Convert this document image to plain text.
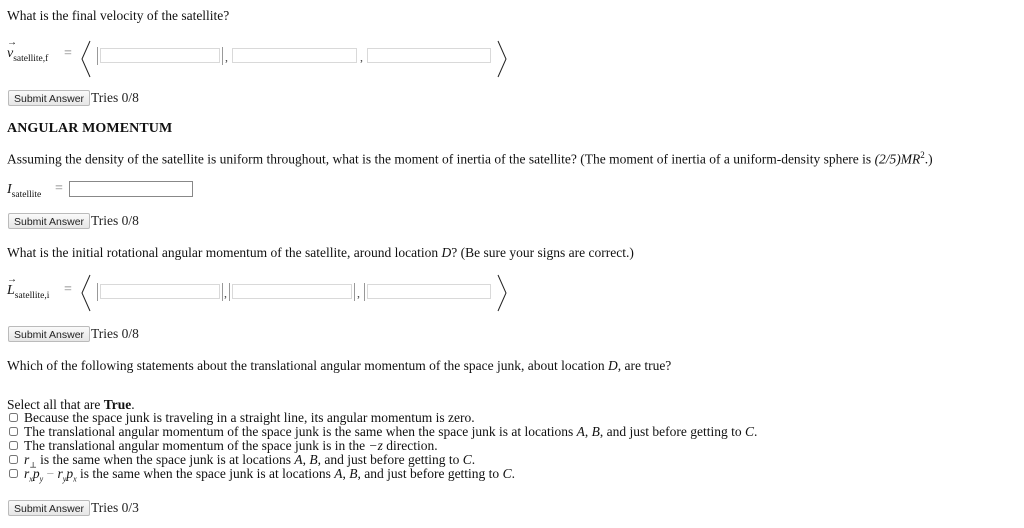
What is the final velocity of the satellite?
→ $v_{satellite,f}$ =	,	,
Submit Answer Tries 0/8
ANGULAR MOMENTUM
Assuming the density of the satellite is uniform throughout, what is the moment of inertia of the satellite? (The moment of inertia of a uniform-density sphere is $(2/5)MR^2$.)
$I_{satellite}$ =
Submit Answer Tries 0/8
What is the initial rotational angular momentum of the satellite, around location D? (Be sure your signs are correct.)
→ $L_{satellite,i}$ =	,	,
Submit Answer Tries 0/8
Which of the following statements about the translational angular momentum of the space junk, about location D, are true?
Select all that are True.
Because the space junk is traveling in a straight line, its angular momentum is zero.
The translational angular momentum of the space junk is the same when the space junk is at locations A, B, and just before getting to C.
The translational angular momentum of the space junk is in the −z direction.
$r_\perp$ is the same when the space junk is at locations A, B, and just before getting to C.
$r_xp_y - r_yp_x$ is the same when the space junk is at locations A, B, and just before getting to C.
Submit Answer Tries 0/3
